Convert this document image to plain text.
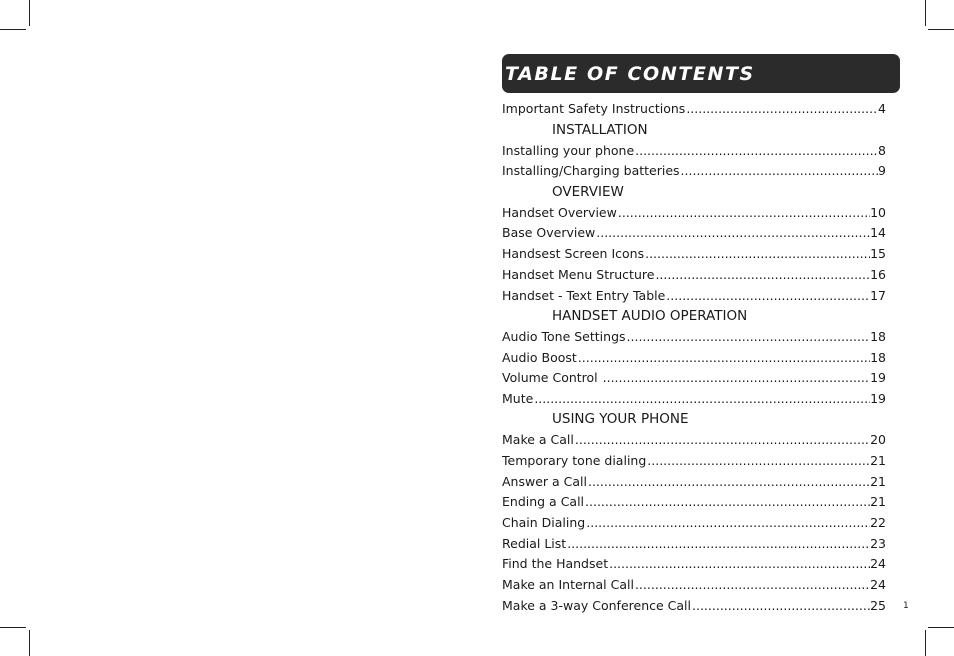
TABLE OF CONTENTS
Important Safety Instructions .....	4
INSTALLATION
Installing your phone .....	8
Installing/Charging batteries .....	9
OVERVIEW
Handset Overview .....	10
Base Overview .....	14
Handsest Screen Icons .....	15
Handset Menu Structure .....	16
Handset - Text Entry Table .....	17
HANDSET AUDIO OPERATION
Audio Tone Settings .....	18
Audio Boost .....	18
Volume Control .....	19
Mute .....	19
USING YOUR PHONE
Make a Call .....	20
Temporary tone dialing .....	21
Answer a Call .....	21
Ending a Call .....	21
Chain Dialing .....	22
Redial List .....	23
Find the Handset .....	24
Make an Internal Call .....	24
Make a 3-way Conference Call .....	25 1
